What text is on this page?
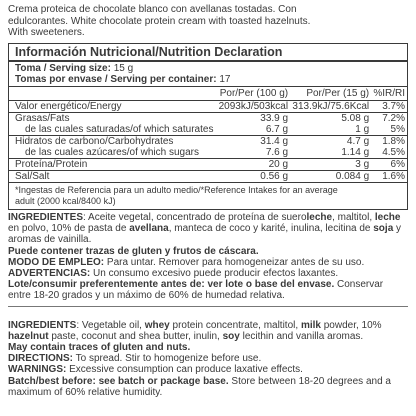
Crema proteica de chocolate blanco con avellanas tostadas. Con
edulcorantes. White chocolate protein cream with toasted hazelnuts.
With sweeteners.
Información Nutricional/Nutrition Declaration
Toma / Serving size: 15 g
Tomas por envase / Serving per container: 17
	Por/Per (100 g)	Por/Per (15 g)	%IR/RI
Valor energético/Energy	2093kJ/503kcal	313.9kJ/75.6Kcal	3.7%
Grasas/Fats	33.9 g	5.08 g	7.2%
de las cuales saturadas/of which saturates	6.7 g	1 g	5%
Hidratos de carbono/Carbohydrates	31.4 g	4.7 g	1.8%
de las cuales azúcares/of which sugars	7.6 g	1.14 g	4.5%
Proteína/Protein	20 g	3 g	6%
Sal/Salt	0.56 g	0.084 g	1.6%
*Ingestas de Referencia para un adulto medio/*Reference Intakes for an average
adult (2000 kcal/8400 kJ)
INGREDIENTES: Aceite vegetal, concentrado de proteína de sueroleche, maltitol, leche en polvo, 10% de pasta de avellana, manteca de coco y karité, inulina, lecitina de soja y aromas de vainilla.
Puede contener trazas de gluten y frutos de cáscara.
MODO DE EMPLEO: Para untar. Remover para homogeneizar antes de su uso.
ADVERTENCIAS: Un consumo excesivo puede producir efectos laxantes. Lote/consumir preferentemente antes de: ver lote o base del envase. Conservar entre 18-20 grados y un máximo de 60% de humedad relativa.
INGREDIENTS: Vegetable oil, whey protein concentrate, maltitol, milk powder, 10% hazelnut paste, coconut and shea butter, inulin, soy lecithin and vanilla aromas.
May contain traces of gluten and nuts.
DIRECTIONS: To spread. Stir to homogenize before use.
WARNINGS: Excessive consumption can produce laxative effects.
Batch/best before: see batch or package base. Store between 18-20 degrees and a maximum of 60% relative humidity.
